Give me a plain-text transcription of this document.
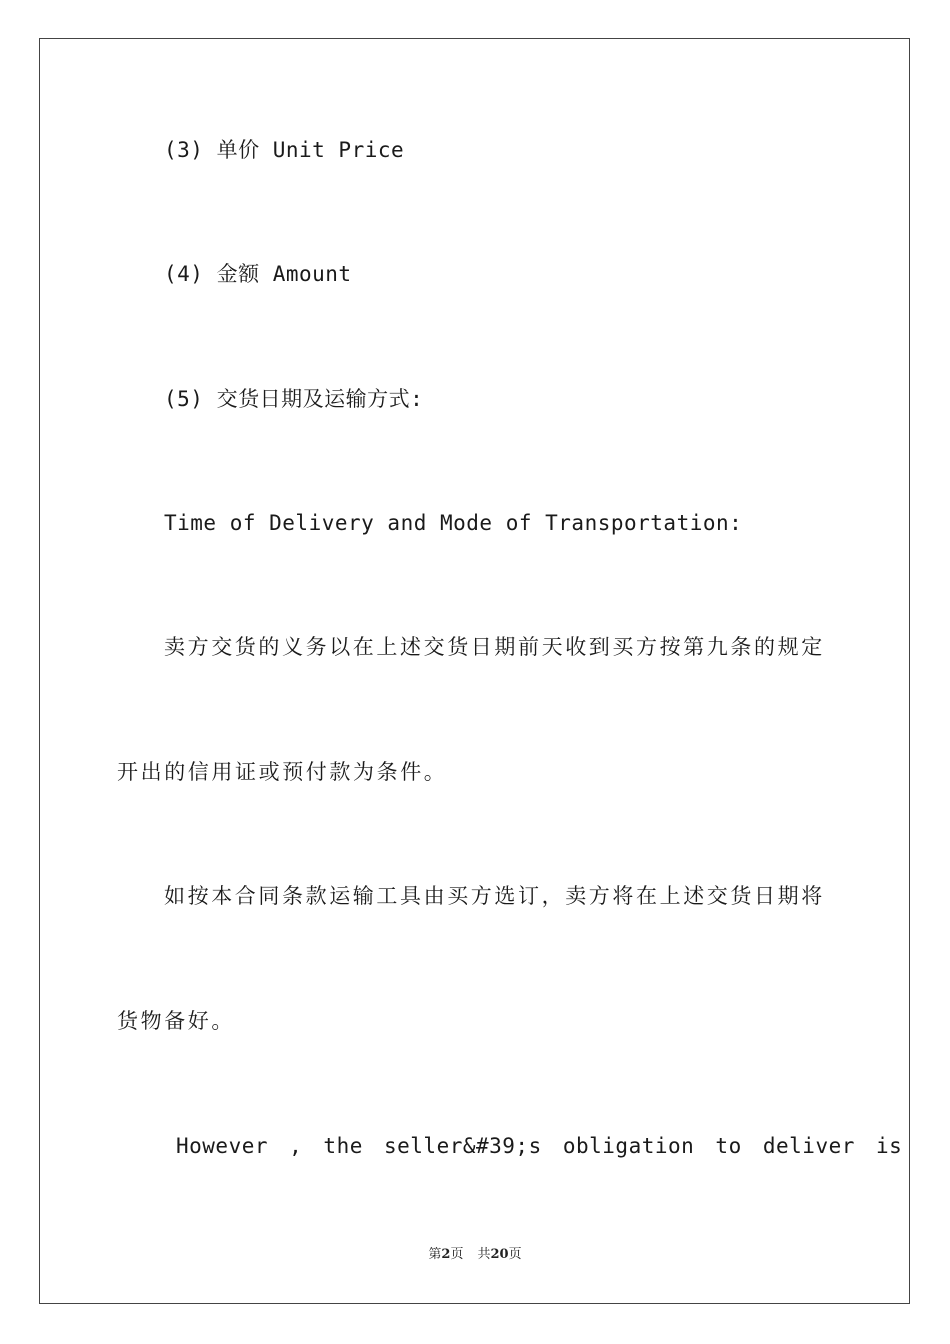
(3) 单价 Unit Price
(4) 金额 Amount
(5) 交货日期及运输方式:
Time of Delivery and Mode of Transportation:
卖方交货的义务以在上述交货日期前天收到买方按第九条的规定
开出的信用证或预付款为条件。
如按本合同条款运输工具由买方选订，卖方将在上述交货日期将
货物备好。
However , the seller&#39;s obligation to deliver is
第2页 共20页
